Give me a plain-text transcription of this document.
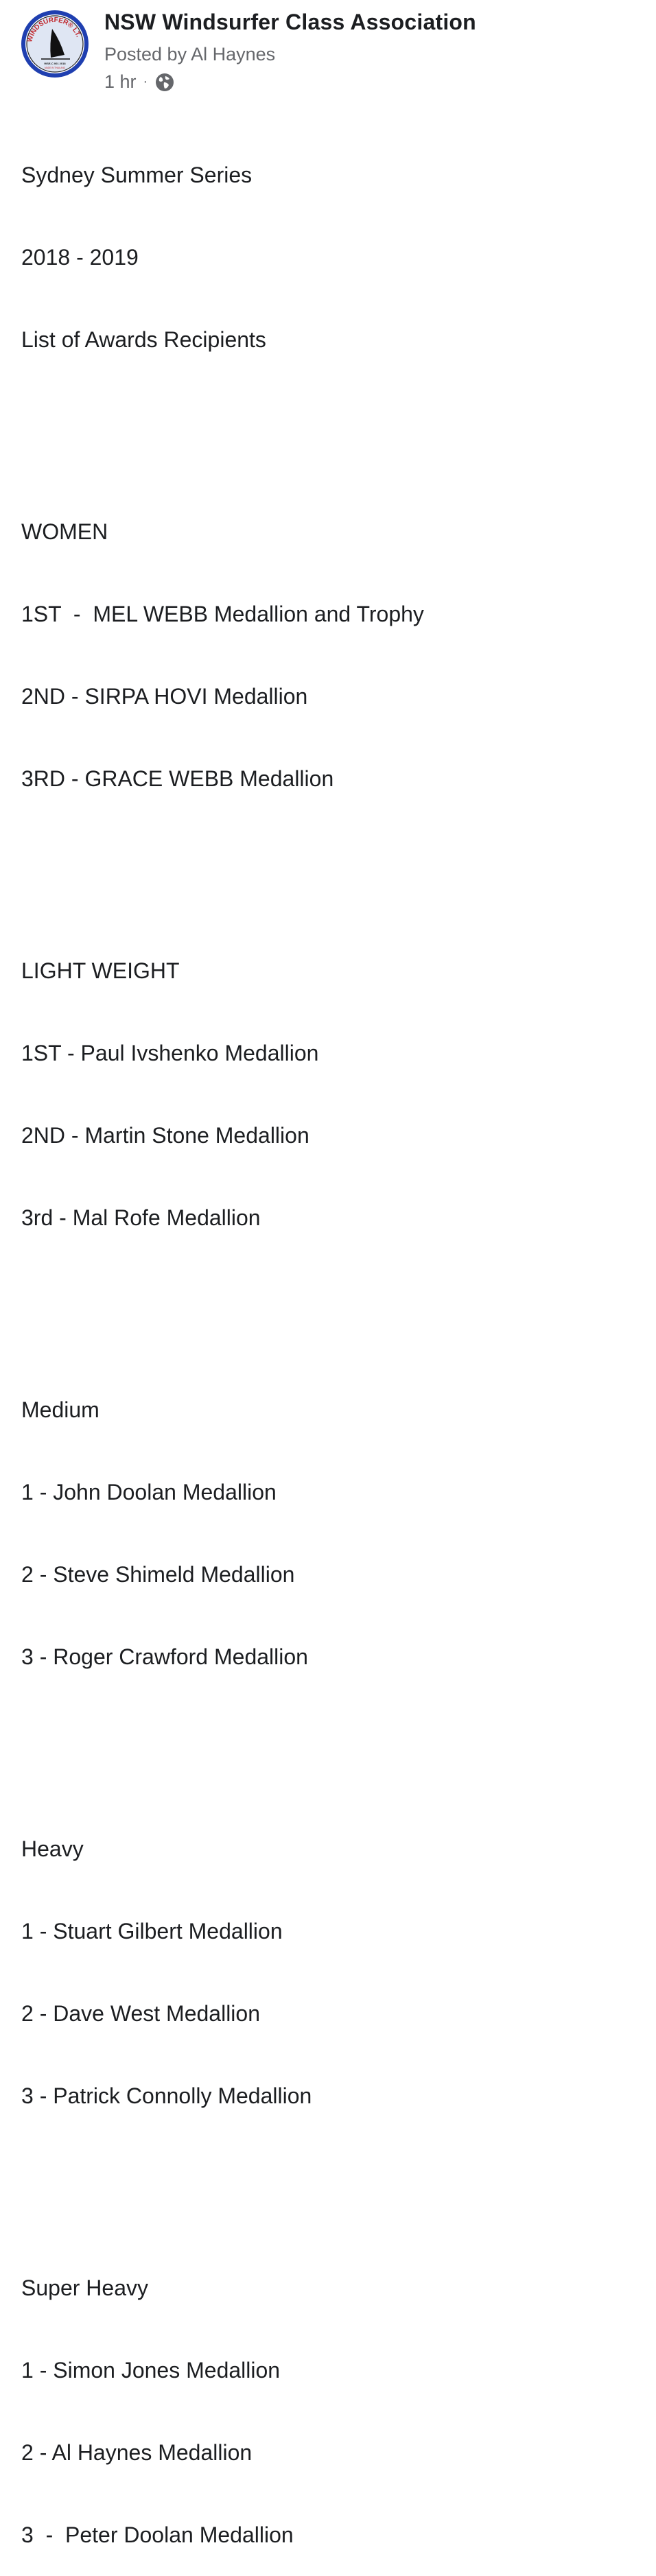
WINDSURFER® LT.
WSE-C 001 2018
MADE IN THAILAND
NSW Windsurfer Class Association
Posted by Al Haynes
1 hr ·

Sydney Summer Series

2018 - 2019

List of Awards Recipients

WOMEN

1ST  -  MEL WEBB Medallion and Trophy

2ND - SIRPA HOVI Medallion

3RD - GRACE WEBB Medallion

LIGHT WEIGHT

1ST - Paul Ivshenko Medallion

2ND - Martin Stone Medallion

3rd - Mal Rofe Medallion

Medium

1 - John Doolan Medallion

2 - Steve Shimeld Medallion

3 - Roger Crawford Medallion

Heavy

1 - Stuart Gilbert Medallion

2 - Dave West Medallion

3 - Patrick Connolly Medallion

Super Heavy

1 - Simon Jones Medallion

2 - Al Haynes Medallion

3  -  Peter Doolan Medallion
